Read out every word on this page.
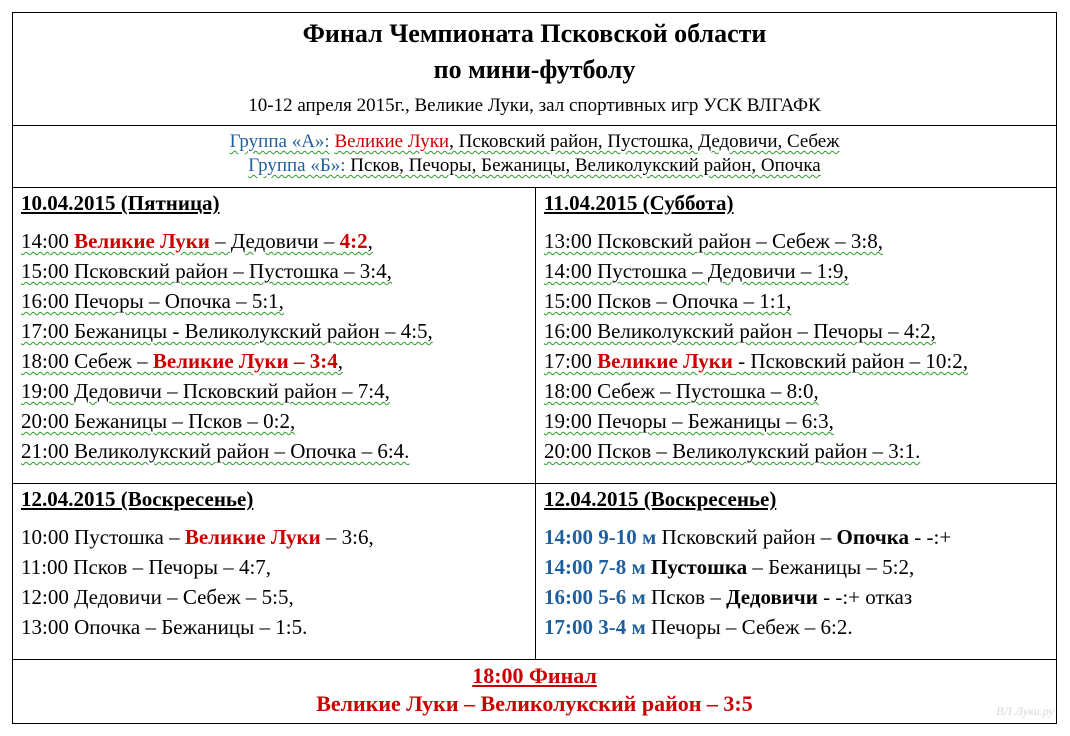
Финал Чемпионата Псковской области
по мини-футболу
10-12 апреля 2015г., Великие Луки, зал спортивных игр УСК ВЛГАФК
Группа «А»: Великие Луки, Псковский район, Пустошка, Дедовичи, Себеж
Группа «Б»: Псков, Печоры, Бежаницы, Великолукский район, Опочка
10.04.2015 (Пятница)
14:00 Великие Луки – Дедовичи – 4:2,
15:00 Псковский район – Пустошка – 3:4,
16:00 Печоры – Опочка – 5:1,
17:00 Бежаницы - Великолукский район – 4:5,
18:00 Себеж – Великие Луки – 3:4,
19:00 Дедовичи – Псковский район – 7:4,
20:00 Бежаницы – Псков – 0:2,
21:00 Великолукский район – Опочка – 6:4.
11.04.2015 (Суббота)
13:00 Псковский район – Себеж – 3:8,
14:00 Пустошка – Дедовичи – 1:9,
15:00 Псков – Опочка – 1:1,
16:00 Великолукский район – Печоры – 4:2,
17:00 Великие Луки - Псковский район – 10:2,
18:00 Себеж – Пустошка – 8:0,
19:00 Печоры – Бежаницы – 6:3,
20:00 Псков – Великолукский район – 3:1.
12.04.2015 (Воскресенье)
10:00 Пустошка – Великие Луки – 3:6,
11:00 Псков – Печоры – 4:7,
12:00 Дедовичи – Себеж – 5:5,
13:00 Опочка – Бежаницы – 1:5.
12.04.2015 (Воскресенье)
14:00 9-10 м Псковский район – Опочка - -:+
14:00 7-8 м Пустошка – Бежаницы – 5:2,
16:00 5-6 м Псков – Дедовичи - -:+ отказ
17:00 3-4 м Печоры – Себеж – 6:2.
18:00 Финал
Великие Луки – Великолукский район – 3:5	ВЛ Луки.ру
